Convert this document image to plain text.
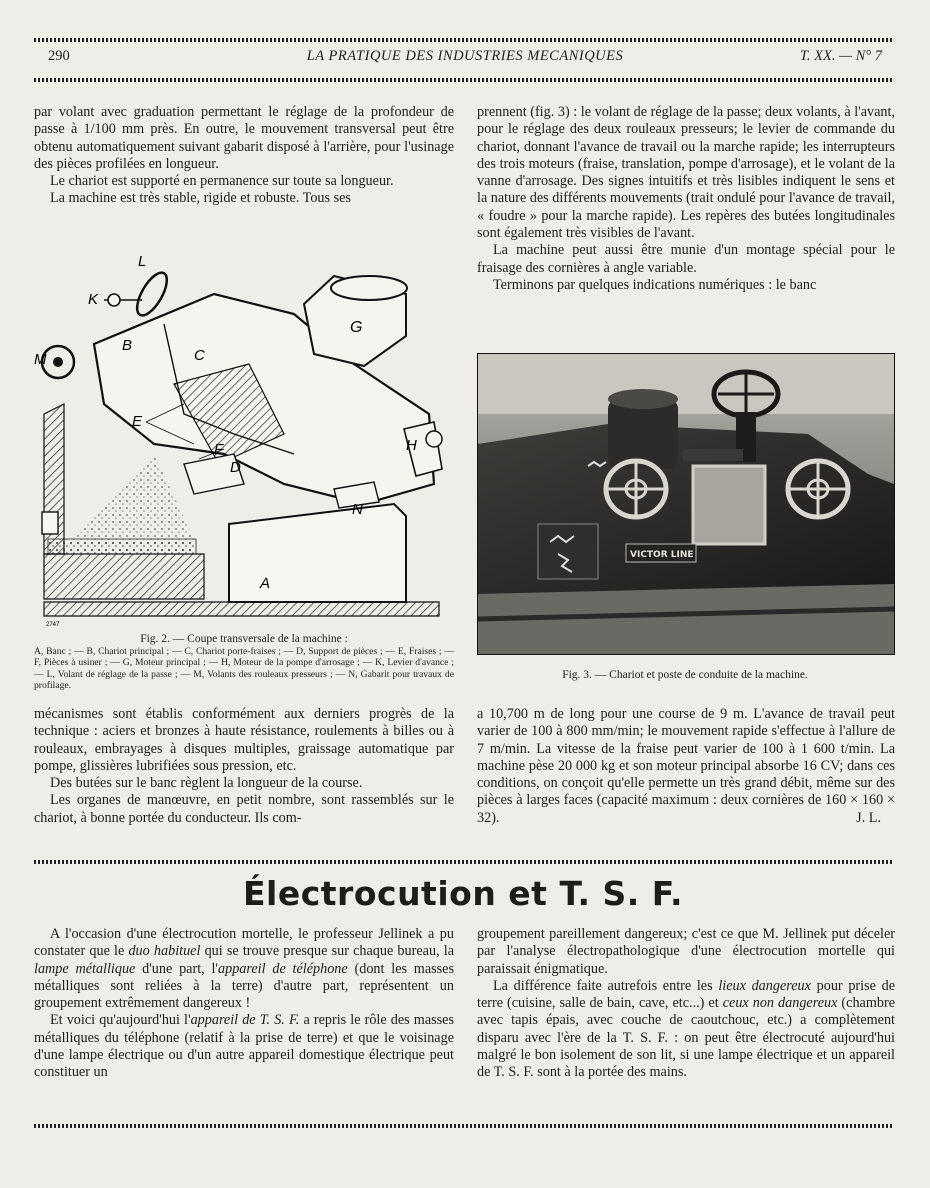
290	LA PRATIQUE DES INDUSTRIES MECANIQUES	T. XX. — N° 7

par volant avec graduation permettant le réglage de la profondeur de passe à 1/100 mm près. En outre, le mouvement transversal peut être obtenu automatiquement suivant gabarit disposé à l'arrière, pour l'usinage des pièces profilées en longueur.

Le chariot est supporté en permanence sur toute sa longueur.

La machine est très stable, rigide et robuste. Tous ses

prennent (fig. 3) : le volant de réglage de la passe; deux volants, à l'avant, pour le réglage des deux rouleaux presseurs; le levier de commande du chariot, donnant l'avance de travail ou la marche rapide; les interrupteurs des trois moteurs (fraise, translation, pompe d'arrosage), et le volant de la vanne d'arrosage. Des signes intuitifs et très lisibles indiquent le sens et la nature des différents mouvements (trait ondulé pour l'avance de travail, « foudre » pour la marche rapide). Les repères des butées longitudinales sont également très visibles de l'avant.

La machine peut aussi être munie d'un montage spécial pour le fraisage des cornières à angle variable.

Terminons par quelques indications numériques : le banc

L
K
M
B
C
G
E
F
D
H
N
A
2747
Fig. 2. — Coupe transversale de la machine :
A, Banc ; — B, Chariot principal ; — C, Chariot porte-fraises ; — D, Support de pièces ; — E, Fraises ; — F, Pièces à usiner ; — G, Moteur principal ; — H, Moteur de la pompe d'arrosage ; — K, Levier d'avance ; — L, Volant de réglage de la passe ; — M, Volants des rouleaux presseurs ; — N, Gabarit pour travaux de profilage.
VICTOR LINE
Fig. 3. — Chariot et poste de conduite de la machine.

mécanismes sont établis conformément aux derniers progrès de la technique : aciers et bronzes à haute résistance, roulements à billes ou à rouleaux, embrayages à disques multiples, graissage automatique par pompe, glissières lubrifiées sous pression, etc.

Des butées sur le banc règlent la longueur de la course.

Les organes de manœuvre, en petit nombre, sont rassemblés sur le chariot, à bonne portée du conducteur. Ils com-

a 10,700 m de long pour une course de 9 m. L'avance de travail peut varier de 100 à 800 mm/min; le mouvement rapide s'effectue à l'allure de 7 m/min. La vitesse de la fraise peut varier de 100 à 1 600 t/min. La machine pèse 20 000 kg et son moteur principal absorbe 16 CV; dans ces conditions, on conçoit qu'elle permette un très grand débit, même sur des pièces à larges faces (capacité maximum : deux cornières de 160 × 160 × 32).	J. L.

Électrocution et T. S. F.

A l'occasion d'une électrocution mortelle, le professeur Jellinek a pu constater que le duo habituel qui se trouve presque sur chaque bureau, la lampe métallique d'une part, l'appareil de téléphone (dont les masses métalliques sont reliées à la terre) d'autre part, représentent un groupement extrêmement dangereux !

Et voici qu'aujourd'hui l'appareil de T. S. F. a repris le rôle des masses métalliques du téléphone (relatif à la prise de terre) et que le voisinage d'une lampe électrique ou d'un autre appareil domestique électrique peut constituer un

groupement pareillement dangereux; c'est ce que M. Jellinek put déceler par l'analyse électropathologique d'une électrocution mortelle qui paraissait énigmatique.

La différence faite autrefois entre les lieux dangereux pour prise de terre (cuisine, salle de bain, cave, etc...) et ceux non dangereux (chambre avec tapis épais, avec couche de caoutchouc, etc.) a complètement disparu avec l'ère de la T. S. F. : on peut être électrocuté aujourd'hui malgré le bon isolement de son lit, si une lampe électrique et un appareil de T. S. F. sont à la portée des mains.
